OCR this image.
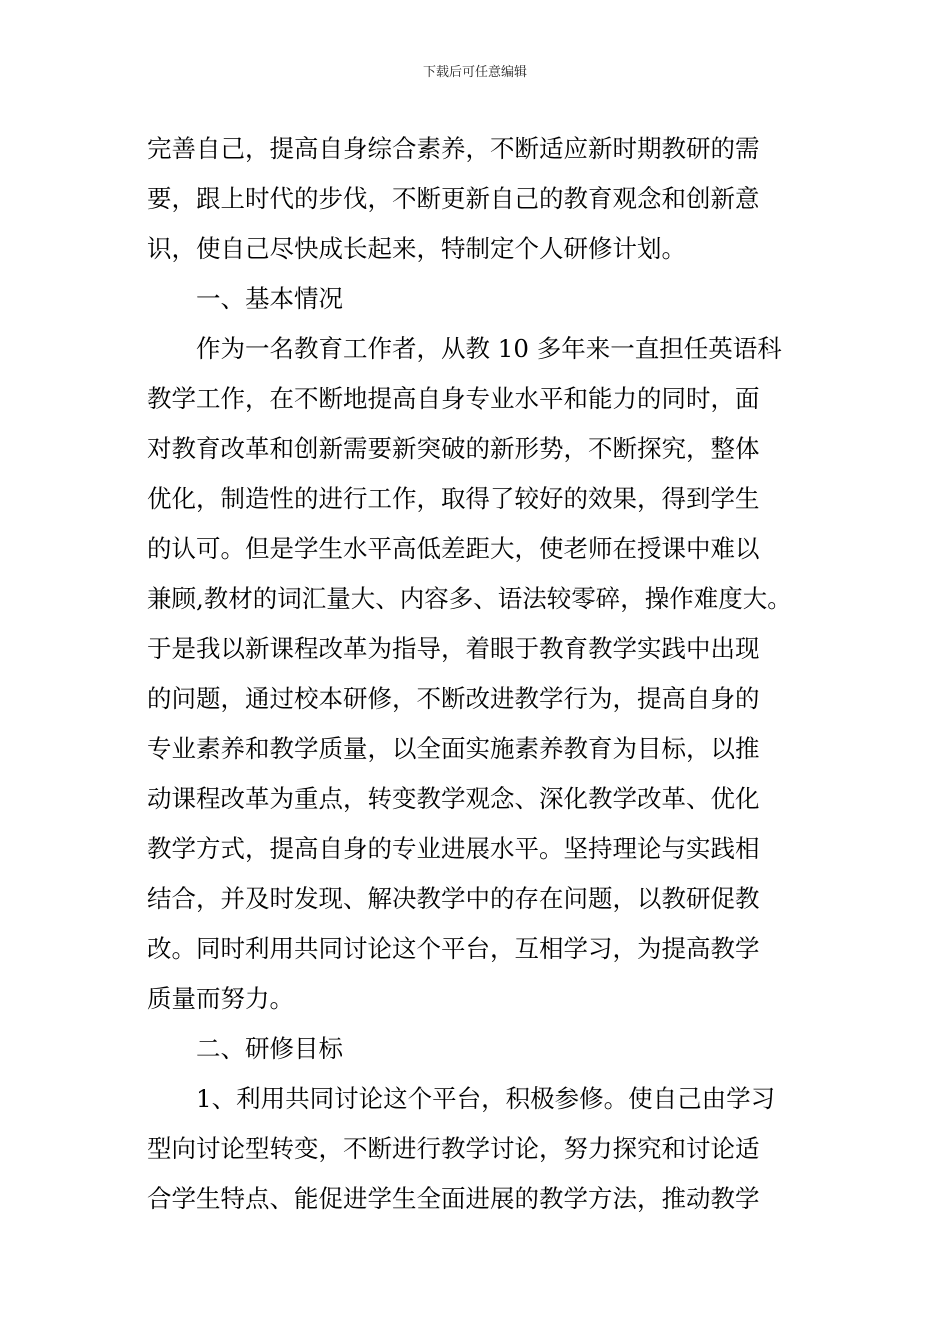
下载后可任意编辑
完善自己，提高自身综合素养，不断适应新时期教研的需
要，跟上时代的步伐，不断更新自己的教育观念和创新意
识，使自己尽快成长起来，特制定个人研修计划。
一、基本情况
作为一名教育工作者，从教 10 多年来一直担任英语科
教学工作，在不断地提高自身专业水平和能力的同时，面
对教育改革和创新需要新突破的新形势，不断探究，整体
优化，制造性的进行工作，取得了较好的效果，得到学生
的认可。但是学生水平高低差距大，使老师在授课中难以
兼顾,教材的词汇量大、内容多、语法较零碎，操作难度大。
于是我以新课程改革为指导，着眼于教育教学实践中出现
的问题，通过校本研修，不断改进教学行为，提高自身的
专业素养和教学质量，以全面实施素养教育为目标，以推
动课程改革为重点，转变教学观念、深化教学改革、优化
教学方式，提高自身的专业进展水平。坚持理论与实践相
结合，并及时发现、解决教学中的存在问题，以教研促教
改。同时利用共同讨论这个平台，互相学习，为提高教学
质量而努力。
二、研修目标
1、利用共同讨论这个平台，积极参修。使自己由学习
型向讨论型转变，不断进行教学讨论，努力探究和讨论适
合学生特点、能促进学生全面进展的教学方法，推动教学
